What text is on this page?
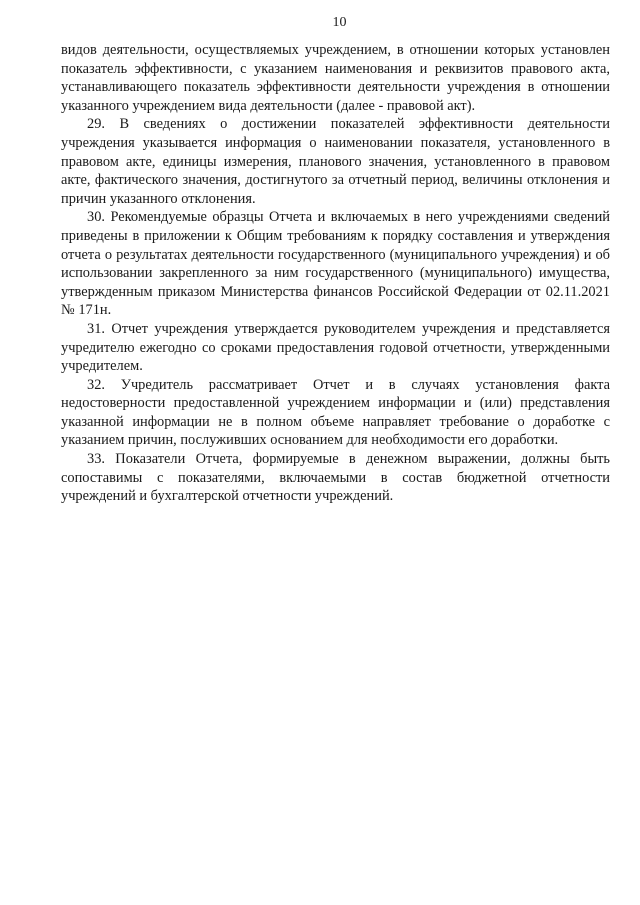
10

видов деятельности, осуществляемых учреждением, в отношении которых установлен показатель эффективности, с указанием наименования и реквизитов правового акта, устанавливающего показатель эффективности деятельности учреждения в отношении указанного учреждением вида деятельности (далее - правовой акт).

29. В сведениях о достижении показателей эффективности деятельности учреждения указывается информация о наименовании показателя, установленного в правовом акте, единицы измерения, планового значения, установленного в правовом акте, фактического значения, достигнутого за отчетный период, величины отклонения и причин указанного отклонения.

30. Рекомендуемые образцы Отчета и включаемых в него учреждениями сведений приведены в приложении к Общим требованиям к порядку составления и утверждения отчета о результатах деятельности государственного (муниципального учреждения) и об использовании закрепленного за ним государственного (муниципального) имущества, утвержденным приказом Министерства финансов Российской Федерации от 02.11.2021 № 171н.

31. Отчет учреждения утверждается руководителем учреждения и представляется учредителю ежегодно со сроками предоставления годовой отчетности, утвержденными учредителем.

32. Учредитель рассматривает Отчет и в случаях установления факта недостоверности предоставленной учреждением информации и (или) представления указанной информации не в полном объеме направляет требование о доработке с указанием причин, послуживших основанием для необходимости его доработки.

33. Показатели Отчета, формируемые в денежном выражении, должны быть сопоставимы с показателями, включаемыми в состав бюджетной отчетности учреждений и бухгалтерской отчетности учреждений.
